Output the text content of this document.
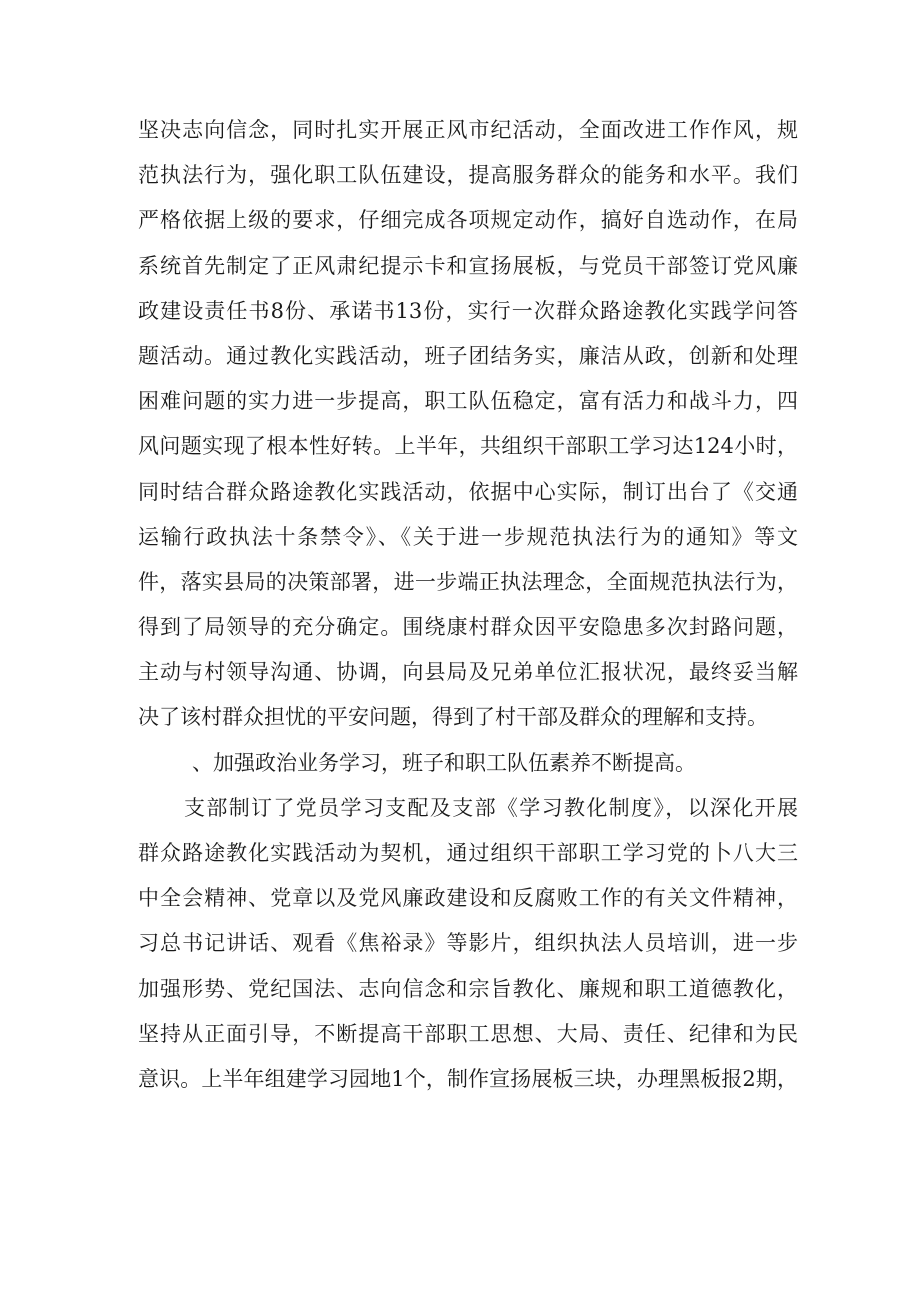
坚决志向信念，同时扎实开展正风市纪活动，全面改进工作作风，规
范执法行为，强化职工队伍建设，提高服务群众的能务和水平。我们
严格依据上级的要求，仔细完成各项规定动作，搞好自选动作，在局
系统首先制定了正风肃纪提示卡和宣扬展板，与党员干部签订党风廉
政建设责任书8份、承诺书13份，实行一次群众路途教化实践学问答
题活动。通过教化实践活动，班子团结务实，廉洁从政，创新和处理
困难问题的实力进一步提高，职工队伍稳定，富有活力和战斗力，四
风问题实现了根本性好转。上半年，共组织干部职工学习达124小时，
同时结合群众路途教化实践活动，依据中心实际，制订出台了《交通
运输行政执法十条禁令》、《关于进一步规范执法行为的通知》等文
件，落实县局的决策部署，进一步端正执法理念，全面规范执法行为，
得到了局领导的充分确定。围绕康村群众因平安隐患多次封路问题，
主动与村领导沟通、协调，向县局及兄弟单位汇报状况，最终妥当解
决了该村群众担忧的平安问题，得到了村干部及群众的理解和支持。
、加强政治业务学习，班子和职工队伍素养不断提高。
支部制订了党员学习支配及支部《学习教化制度》，以深化开展
群众路途教化实践活动为契机，通过组织干部职工学习党的卜八大三
中全会精神、党章以及党风廉政建设和反腐败工作的有关文件精神，
习总书记讲话、观看《焦裕录》等影片，组织执法人员培训，进一步
加强形势、党纪国法、志向信念和宗旨教化、廉规和职工道德教化，
坚持从正面引导，不断提高干部职工思想、大局、责任、纪律和为民
意识。上半年组建学习园地1个，制作宣扬展板三块，办理黑板报2期，
